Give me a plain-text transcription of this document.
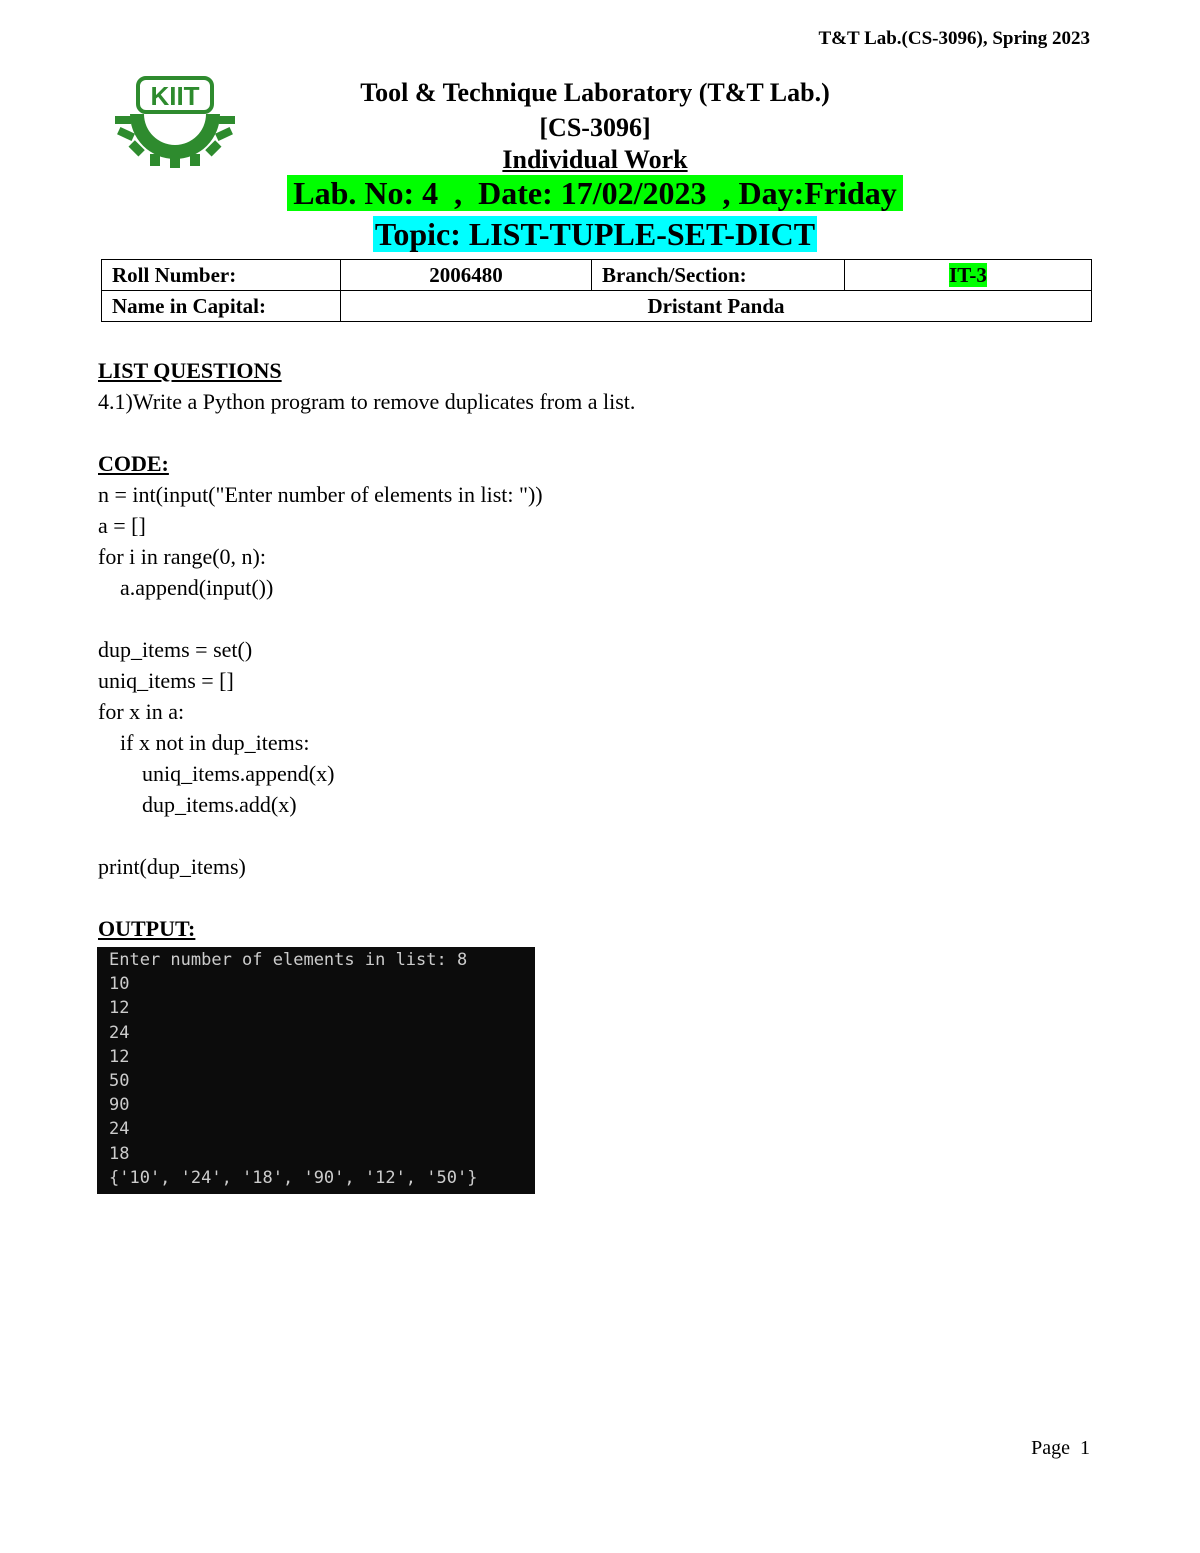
T&T Lab.(CS-3096), Spring 2023
KIIT	Tool & Technique Laboratory (T&T Lab.)
[CS-3096]
Individual Work
Lab. No: 4  ,  Date: 17/02/2023  , Day:Friday
Topic: LIST-TUPLE-SET-DICT
Roll Number:	2006480	Branch/Section:	IT-3
Name in Capital:	Dristant Panda		
LIST QUESTIONS
4.1)Write a Python program to remove duplicates from a list.
CODE:
n = int(input("Enter number of elements in list: "))
a = []
for i in range(0, n):
a.append(input())
dup_items = set()
uniq_items = []
for x in a:
if x not in dup_items:
uniq_items.append(x)
dup_items.add(x)
print(dup_items)
OUTPUT:
Enter number of elements in list: 8
10
12
24
12
50
90
24
18
{'10', '24', '18', '90', '12', '50'}
Page  1
